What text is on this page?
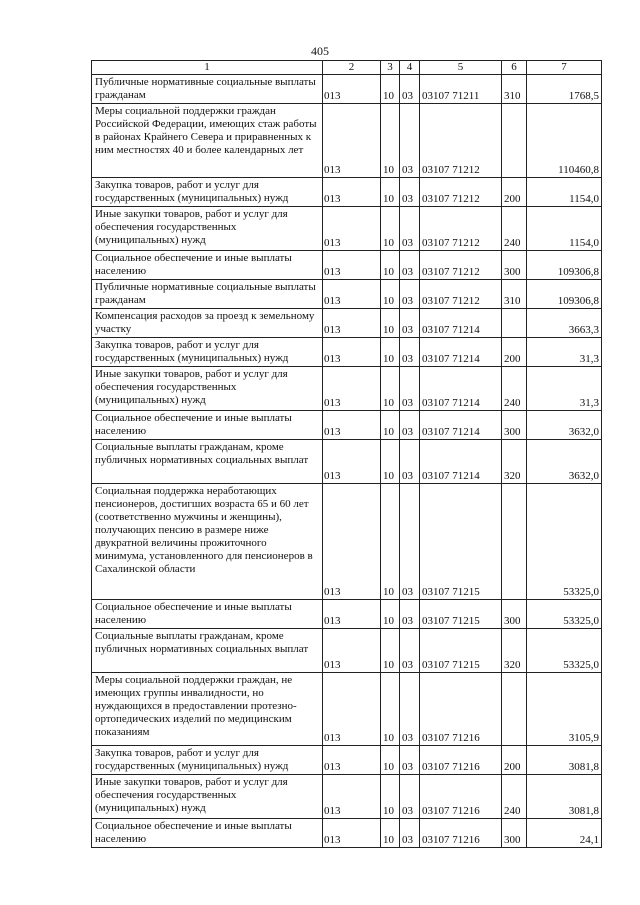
405
1	2	3	4	5	6	7
Публичные нормативные социальные выплаты гражданам	013	10	03	03107 71211	310	1768,5
Меры социальной поддержки граждан Российской Федерации, имеющих стаж работы в районах Крайнего Севера и приравненных к ним местностях 40 и более календарных лет	013	10	03	03107 71212		110460,8
Закупка товаров, работ и услуг для государственных (муниципальных) нужд	013	10	03	03107 71212	200	1154,0
Иные закупки товаров, работ и услуг для обеспечения государственных (муниципальных) нужд	013	10	03	03107 71212	240	1154,0
Социальное обеспечение и иные выплаты населению	013	10	03	03107 71212	300	109306,8
Публичные нормативные социальные выплаты гражданам	013	10	03	03107 71212	310	109306,8
Компенсация расходов за проезд к земельному участку	013	10	03	03107 71214		3663,3
Закупка товаров, работ и услуг для государственных (муниципальных) нужд	013	10	03	03107 71214	200	31,3
Иные закупки товаров, работ и услуг для обеспечения государственных (муниципальных) нужд	013	10	03	03107 71214	240	31,3
Социальное обеспечение и иные выплаты населению	013	10	03	03107 71214	300	3632,0
Социальные выплаты гражданам, кроме публичных нормативных социальных выплат	013	10	03	03107 71214	320	3632,0
Социальная поддержка неработающих пенсионеров, достигших возраста 65 и 60 лет (соответственно мужчины и женщины), получающих пенсию в размере ниже двукратной величины прожиточного минимума, установленного для пенсионеров в Сахалинской области	013	10	03	03107 71215		53325,0
Социальное обеспечение и иные выплаты населению	013	10	03	03107 71215	300	53325,0
Социальные выплаты гражданам, кроме публичных нормативных социальных выплат	013	10	03	03107 71215	320	53325,0
Меры социальной поддержки граждан, не имеющих группы инвалидности, но нуждающихся в предоставлении протезно-ортопедических изделий по медицинским показаниям	013	10	03	03107 71216		3105,9
Закупка товаров, работ и услуг для государственных (муниципальных) нужд	013	10	03	03107 71216	200	3081,8
Иные закупки товаров, работ и услуг для обеспечения государственных (муниципальных) нужд	013	10	03	03107 71216	240	3081,8
Социальное обеспечение и иные выплаты населению	013	10	03	03107 71216	300	24,1
